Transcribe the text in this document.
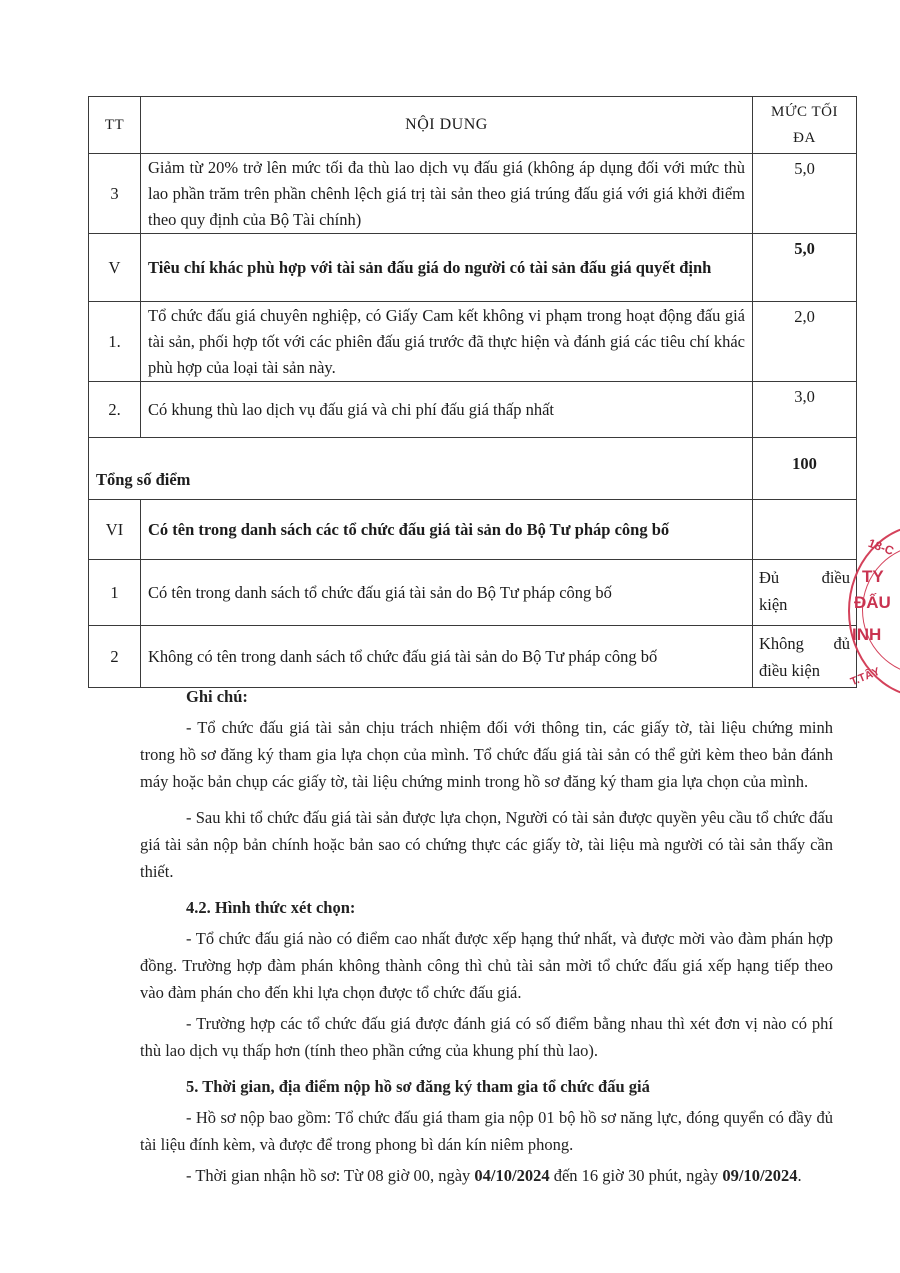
TT	NỘI DUNG	MỨC TỐI ĐA
3	Giảm từ 20% trở lên mức tối đa thù lao dịch vụ đấu giá (không áp dụng đối với mức thù lao phần trăm trên phần chênh lệch giá trị tài sản theo giá trúng đấu giá với giá khởi điểm theo quy định của Bộ Tài chính)	5,0
V	Tiêu chí khác phù hợp với tài sản đấu giá do người có tài sản đấu giá quyết định	5,0
1.	Tổ chức đấu giá chuyên nghiệp, có Giấy Cam kết không vi phạm trong hoạt động đấu giá tài sản, phối hợp tốt với các phiên đấu giá trước đã thực hiện và đánh giá các tiêu chí khác phù hợp của loại tài sản này.	2,0
2.	Có khung thù lao dịch vụ đấu giá và chi phí đấu giá thấp nhất	3,0
Tổng số điểm		100
VI	Có tên trong danh sách các tổ chức đấu giá tài sản do Bộ Tư pháp công bố	
1	Có tên trong danh sách tổ chức đấu giá tài sản do Bộ Tư pháp công bố	Đủ điều
kiện

2	Không có tên trong danh sách tổ chức đấu giá tài sản do Bộ Tư pháp công bố	Không đủ
điều kiện
18-C
TY
ĐẤU
INH
T.TÂY

Ghi chú:

- Tổ chức đấu giá tài sản chịu trách nhiệm đối với thông tin, các giấy tờ, tài liệu chứng minh trong hồ sơ đăng ký tham gia lựa chọn của mình. Tổ chức đấu giá tài sản có thể gửi kèm theo bản đánh máy hoặc bản chụp các giấy tờ, tài liệu chứng minh trong hồ sơ đăng ký tham gia lựa chọn của mình.

- Sau khi tổ chức đấu giá tài sản được lựa chọn, Người có tài sản được quyền yêu cầu tổ chức đấu giá tài sản nộp bản chính hoặc bản sao có chứng thực các giấy tờ, tài liệu mà người có tài sản thấy cần thiết.

4.2. Hình thức xét chọn:

- Tổ chức đấu giá nào có điểm cao nhất được xếp hạng thứ nhất, và được mời vào đàm phán hợp đồng. Trường hợp đàm phán không thành công thì chủ tài sản mời tổ chức đấu giá xếp hạng tiếp theo vào đàm phán cho đến khi lựa chọn được tổ chức đấu giá.

- Trường hợp các tổ chức đấu giá được đánh giá có số điểm bằng nhau thì xét đơn vị nào có phí thù lao dịch vụ thấp hơn (tính theo phần cứng của khung phí thù lao).

5. Thời gian, địa điểm nộp hồ sơ đăng ký tham gia tổ chức đấu giá

- Hồ sơ nộp bao gồm: Tổ chức đấu giá tham gia nộp 01 bộ hồ sơ năng lực, đóng quyển có đầy đủ tài liệu đính kèm, và được để trong phong bì dán kín niêm phong.

- Thời gian nhận hồ sơ: Từ 08 giờ 00, ngày 04/10/2024 đến 16 giờ 30 phút, ngày 09/10/2024.
